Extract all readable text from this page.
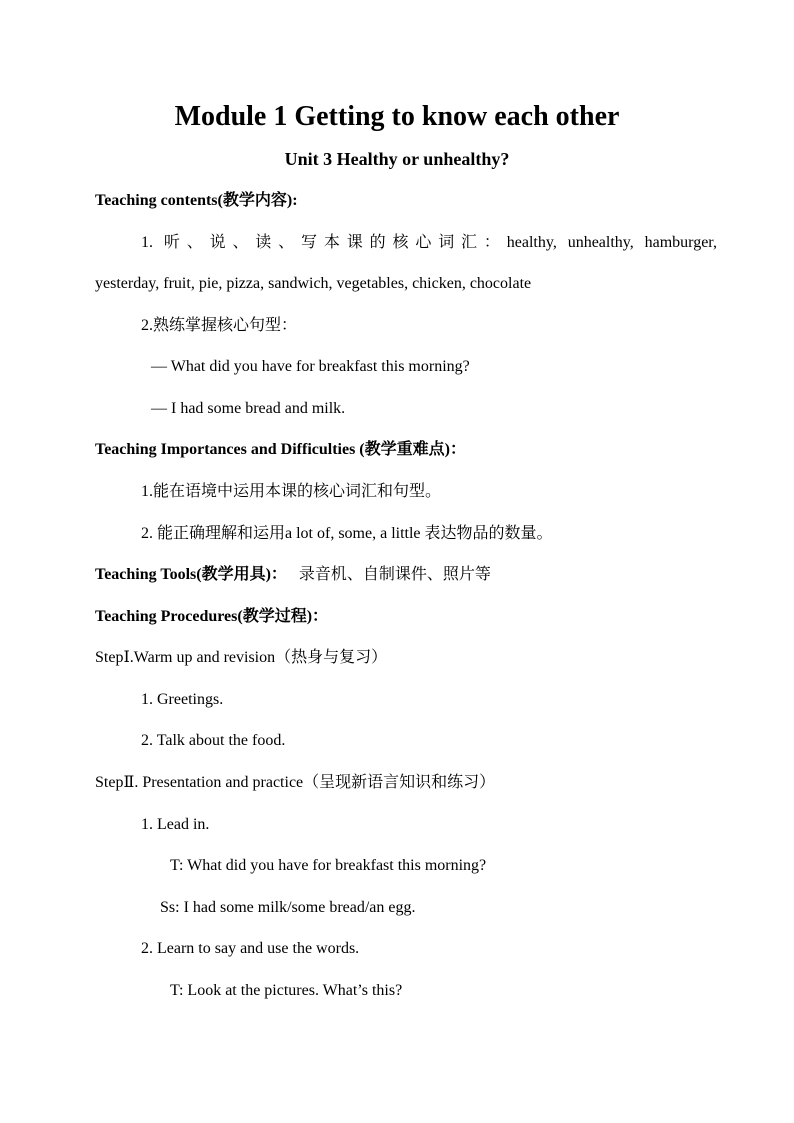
Module 1 Getting to know each other
Unit 3 Healthy or unhealthy?
Teaching contents(教学内容):
1. 听、说、读、写本课的核心词汇：healthy, unhealthy, hamburger,
yesterday, fruit, pie, pizza, sandwich, vegetables, chicken, chocolate
2.熟练掌握核心句型：
— What did you have for breakfast this morning?
— I had some bread and milk.
Teaching Importances and Difficulties (教学重难点)：
1.能在语境中运用本课的核心词汇和句型。
2. 能正确理解和运用a lot of, some, a little 表达物品的数量。
Teaching Tools(教学用具)： 录音机、自制课件、照片等
Teaching Procedures(教学过程)：
StepⅠ.Warm up and revision（热身与复习）
1. Greetings.
2. Talk about the food.
StepⅡ. Presentation and practice（呈现新语言知识和练习）
1. Lead in.
T: What did you have for breakfast this morning?
Ss: I had some milk/some bread/an egg.
2. Learn to say and use the words.
T: Look at the pictures. What’s this?
